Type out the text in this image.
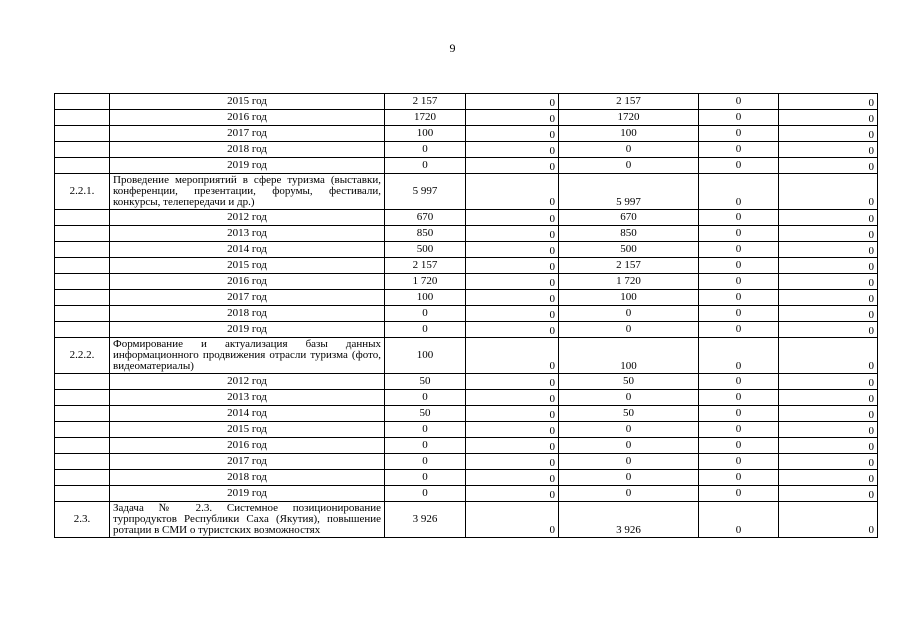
9
	2015 год	2 157	0	2 157	0	0
	2016 год	1720	0	1720	0	0
	2017 год	100	0	100	0	0
	2018 год	0	0	0	0	0
	2019 год	0	0	0	0	0
2.2.1.	Проведение мероприятий в сфере туризма (выставки, конференции, презентации, форумы, фестивали, конкурсы, телепередачи и др.)	5 997	0	5 997	0	0
	2012 год	670	0	670	0	0
	2013 год	850	0	850	0	0
	2014 год	500	0	500	0	0
	2015 год	2 157	0	2 157	0	0
	2016 год	1 720	0	1 720	0	0
	2017 год	100	0	100	0	0
	2018 год	0	0	0	0	0
	2019 год	0	0	0	0	0
2.2.2.	Формирование и актуализация базы данных информационного продвижения отрасли туризма (фото, видеоматериалы)	100	0	100	0	0
	2012 год	50	0	50	0	0
	2013 год	0	0	0	0	0
	2014 год	50	0	50	0	0
	2015 год	0	0	0	0	0
	2016 год	0	0	0	0	0
	2017 год	0	0	0	0	0
	2018 год	0	0	0	0	0
	2019 год	0	0	0	0	0
2.3.	Задача № 2.3. Системное позиционирование турпродуктов Республики Саха (Якутия), повышение ротации в СМИ о туристских возможностях	3 926	0	3 926	0	0
